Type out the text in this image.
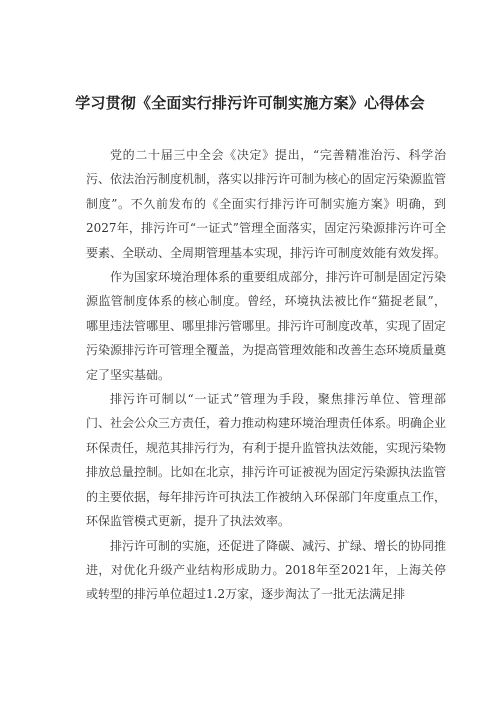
学习贯彻《全面实行排污许可制实施方案》心得体会

党的二十届三中全会《决定》提出，“完善精准治污、科学治污、依法治污制度机制，落实以排污许可制为核心的固定污染源监管制度”。不久前发布的《全面实行排污许可制实施方案》明确，到2027年，排污许可“一证式”管理全面落实，固定污染源排污许可全要素、全联动、全周期管理基本实现，排污许可制度效能有效发挥。

作为国家环境治理体系的重要组成部分，排污许可制是固定污染源监管制度体系的核心制度。曾经，环境执法被比作“猫捉老鼠”，哪里违法管哪里、哪里排污管哪里。排污许可制度改革，实现了固定污染源排污许可管理全覆盖，为提高管理效能和改善生态环境质量奠定了坚实基础。

排污许可制以“一证式”管理为手段，聚焦排污单位、管理部门、社会公众三方责任，着力推动构建环境治理责任体系。明确企业环保责任，规范其排污行为，有利于提升监管执法效能，实现污染物排放总量控制。比如在北京，排污许可证被视为固定污染源执法监管的主要依据，每年排污许可执法工作被纳入环保部门年度重点工作，环保监管模式更新，提升了执法效率。

排污许可制的实施，还促进了降碳、减污、扩绿、增长的协同推进，对优化升级产业结构形成助力。2018年至2021年，上海关停或转型的排污单位超过1.2万家，逐步淘汰了一批无法满足排
